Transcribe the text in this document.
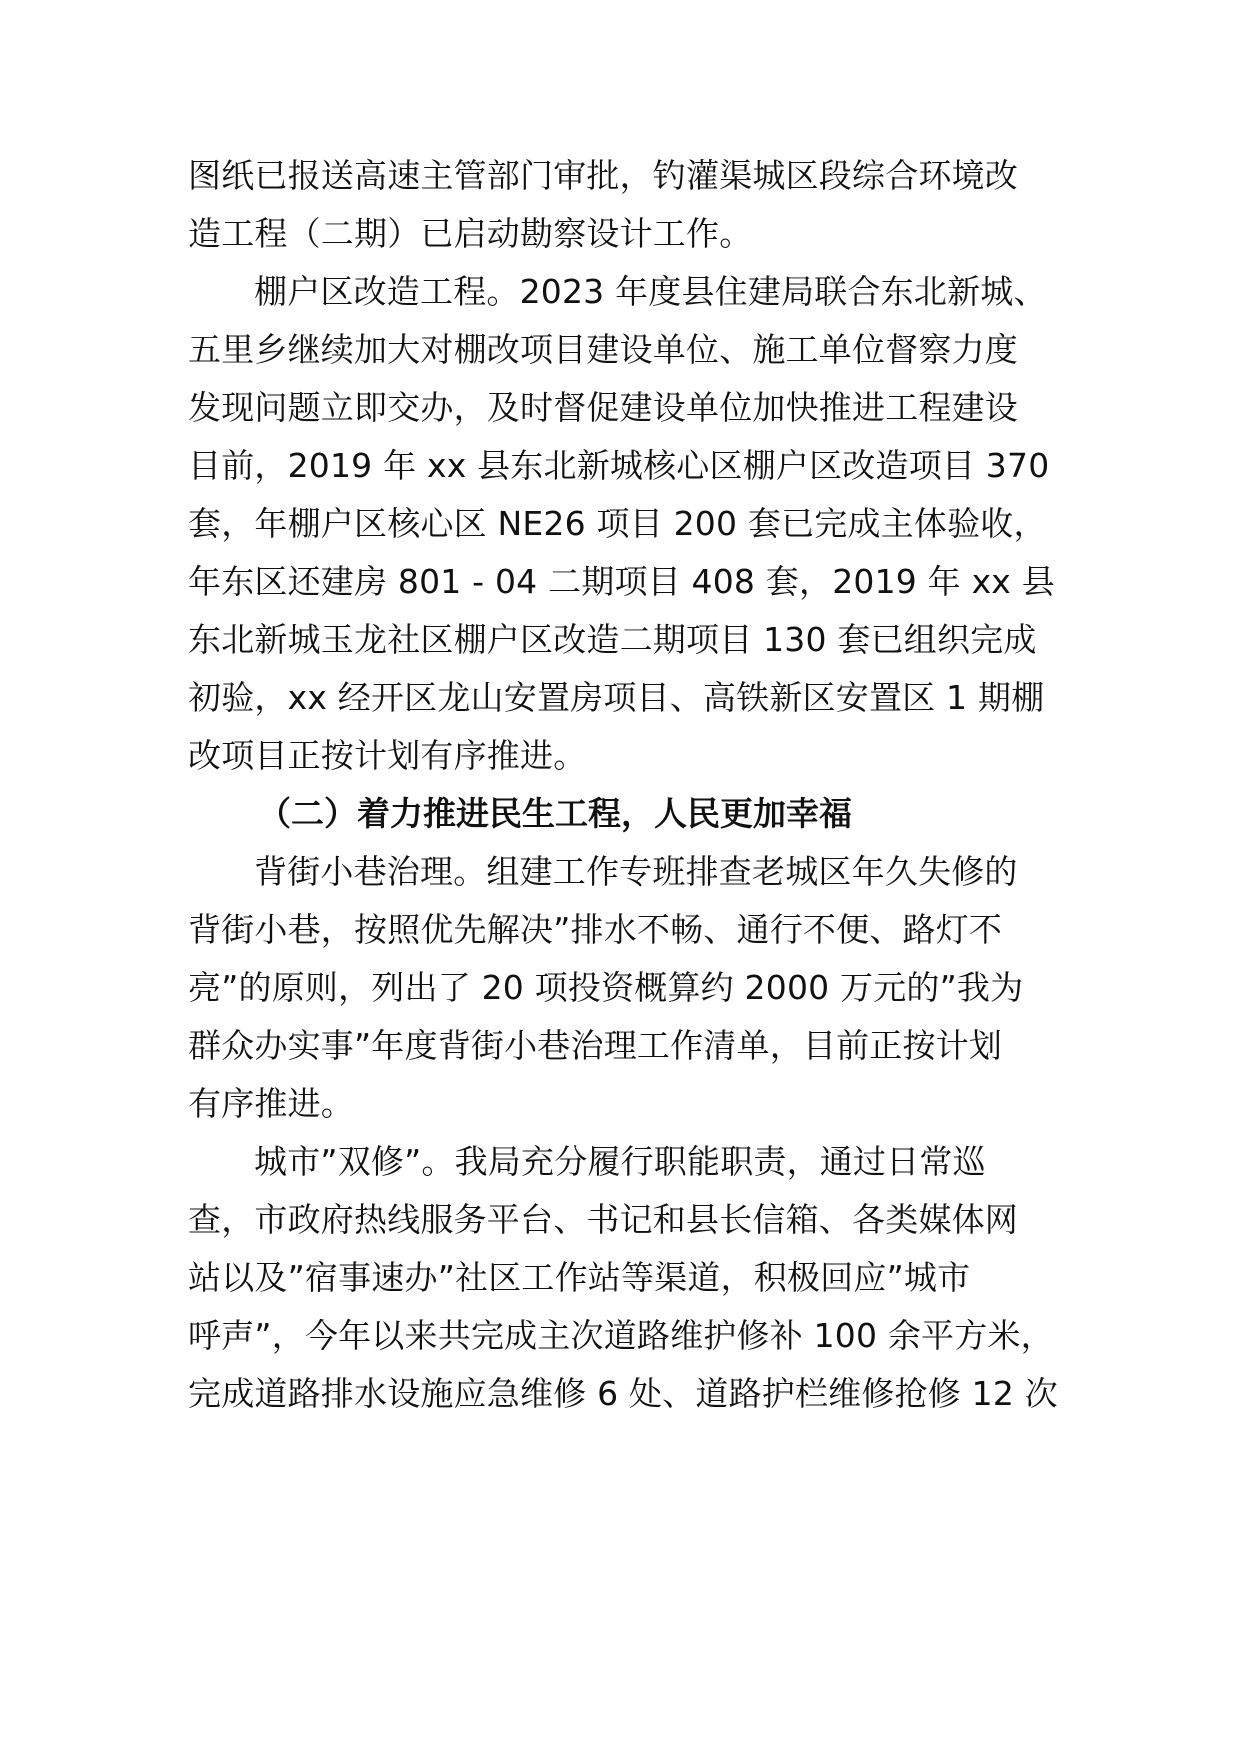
图纸已报送高速主管部门审批，钓灌渠城区段综合环境改
造工程（二期）已启动勘察设计工作。
棚户区改造工程。2023 年度县住建局联合东北新城、
五里乡继续加大对棚改项目建设单位、施工单位督察力度
发现问题立即交办，及时督促建设单位加快推进工程建设
目前，2019 年 xx 县东北新城核心区棚户区改造项目 370
套，年棚户区核心区 NE26 项目 200 套已完成主体验收，
年东区还建房 801 - 04 二期项目 408 套，2019 年 xx 县
东北新城玉龙社区棚户区改造二期项目 130 套已组织完成
初验，xx 经开区龙山安置房项目、高铁新区安置区 1 期棚
改项目正按计划有序推进。
（二）着力推进民生工程，人民更加幸福
背街小巷治理。组建工作专班排查老城区年久失修的
背街小巷，按照优先解决”排水不畅、通行不便、路灯不
亮”的原则，列出了 20 项投资概算约 2000 万元的”我为
群众办实事”年度背街小巷治理工作清单，目前正按计划
有序推进。
城市”双修”。我局充分履行职能职责，通过日常巡
查，市政府热线服务平台、书记和县长信箱、各类媒体网
站以及”宿事速办”社区工作站等渠道，积极回应”城市
呼声”，今年以来共完成主次道路维护修补 100 余平方米，
完成道路排水设施应急维修 6 处、道路护栏维修抢修 12 次
